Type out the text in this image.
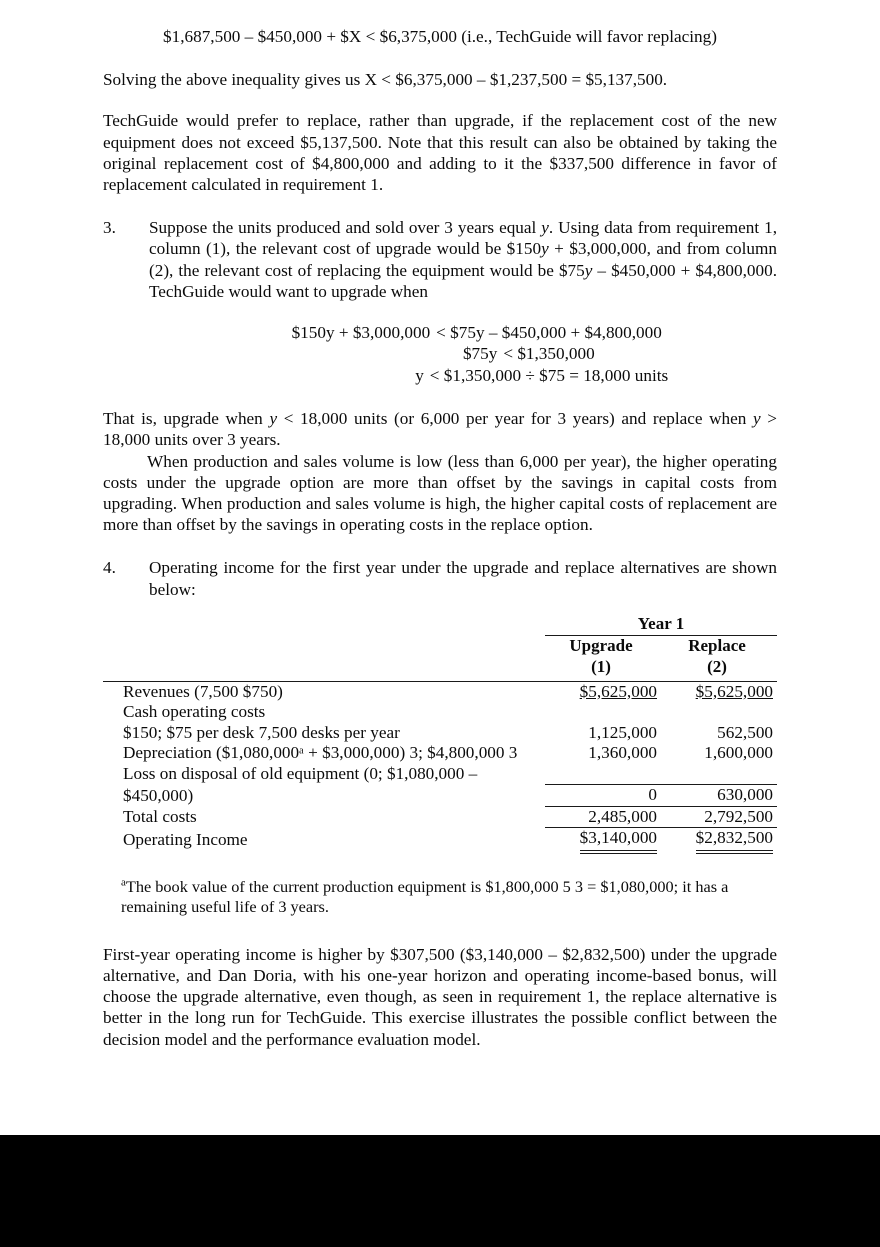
$1,687,500 – $450,000 + $X < $6,375,000 (i.e., TechGuide will favor replacing)

Solving the above inequality gives us X < $6,375,000 – $1,237,500 = $5,137,500.

TechGuide would prefer to replace, rather than upgrade, if the replacement cost of the new equipment does not exceed $5,137,500. Note that this result can also be obtained by taking the original replacement cost of $4,800,000 and adding to it the $337,500 difference in favor of replacement calculated in requirement 1.

3.	Suppose the units produced and sold over 3 years equal y. Using data from requirement 1, column (1), the relevant cost of upgrade would be $150y + $3,000,000, and from column (2), the relevant cost of replacing the equipment would be $75y – $450,000 + $4,800,000. TechGuide would want to upgrade when

$150y + $3,000,000 < $75y – $450,000 + $4,800,000
$75y < $1,350,000
y < $1,350,000 ÷ $75 = 18,000 units

That is, upgrade when y < 18,000 units (or 6,000 per year for 3 years) and replace when y > 18,000 units over 3 years.

When production and sales volume is low (less than 6,000 per year), the higher operating costs under the upgrade option are more than offset by the savings in capital costs from upgrading. When production and sales volume is high, the higher capital costs of replacement are more than offset by the savings in operating costs in the replace option.

4.	Operating income for the first year under the upgrade and replace alternatives are shown below:

	Year 1	
	Upgrade	Replace
	(1)	(2)

Revenues (7,500 $750)	$5,625,000	$5,625,000
Cash operating costs		
$150; $75 per desk 7,500 desks per year	1,125,000	562,500
Depreciation ($1,080,000ᵃ + $3,000,000) 3; $4,800,000 3	1,360,000	1,600,000
Loss on disposal of old equipment (0; $1,080,000 –		
$450,000)	0	630,000
Total costs	2,485,000	2,792,500
Operating Income	$3,140,000	$2,832,500

$^a$The book value of the current production equipment is $1,800,000 5 3 = $1,080,000; it has a remaining useful life of 3 years.

First-year operating income is higher by $307,500 ($3,140,000 – $2,832,500) under the upgrade alternative, and Dan Doria, with his one-year horizon and operating income-based bonus, will choose the upgrade alternative, even though, as seen in requirement 1, the replace alternative is better in the long run for TechGuide. This exercise illustrates the possible conflict between the decision model and the performance evaluation model.
